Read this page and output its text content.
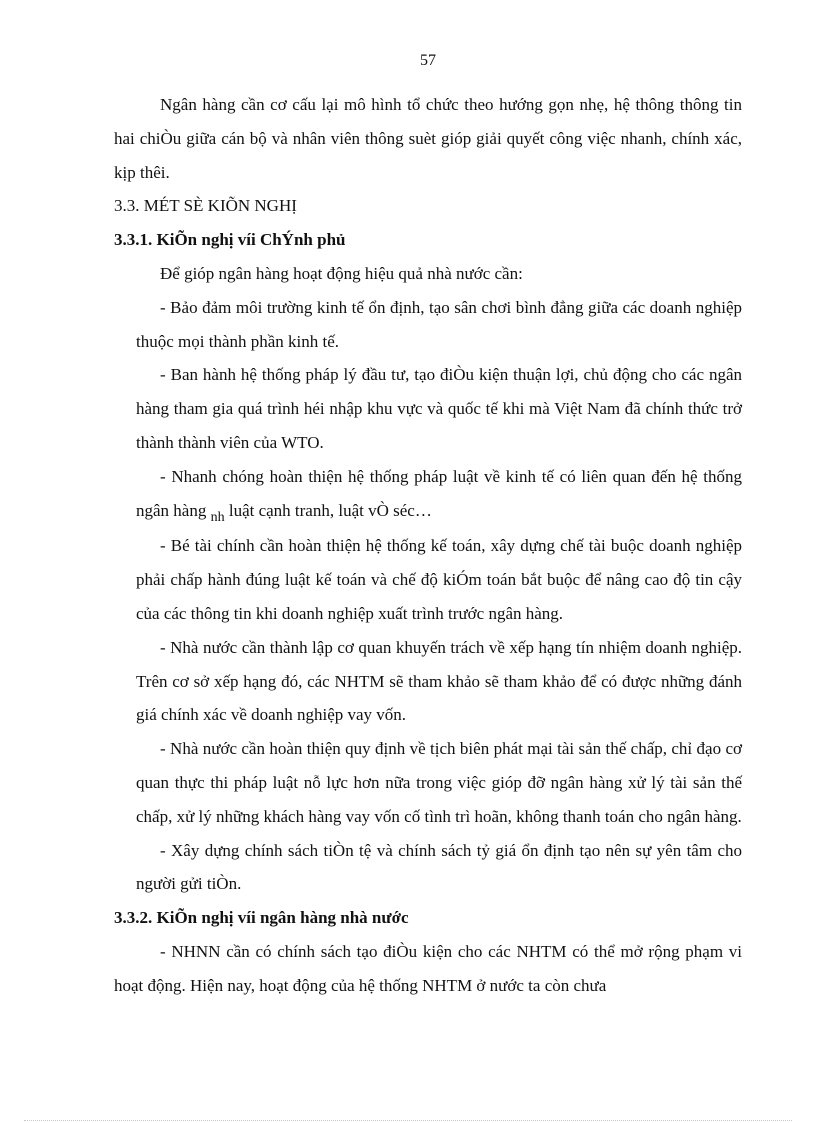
57

Ngân hàng cần cơ cấu lại mô hình tổ chức theo hướng gọn nhẹ, hệ thông thông tin hai chiÒu giữa cán bộ và nhân viên thông suèt gióp giải quyết công việc nhanh, chính xác, kịp thêi.

3.3. MÉT SÈ KIÕN NGHỊ

3.3.1. KiÕn nghị víi ChÝnh phủ

Để gióp ngân hàng hoạt động hiệu quả nhà nước cần:

- Bảo đảm môi trường kinh tế ổn định, tạo sân chơi bình đẳng giữa các doanh nghiệp thuộc mọi thành phần kinh tế.

- Ban hành hệ thống pháp lý đầu tư, tạo điÒu kiện thuận lợi, chủ động cho các ngân hàng tham gia quá trình héi nhập khu vực và quốc tế khi mà Việt Nam đã chính thức trở thành thành viên của WTO.

- Nhanh chóng hoàn thiện hệ thống pháp luật về kinh tế có liên quan đến hệ thống ngân hàng $_{nh}$ luật cạnh tranh, luật vÒ séc…

- Bé tài chính cần hoàn thiện hệ thống kế toán, xây dựng chế tài buộc doanh nghiệp phải chấp hành đúng luật kế toán và chế độ kiÓm toán bắt buộc để nâng cao độ tin cậy của các thông tin khi doanh nghiệp xuất trình trước ngân hàng.

- Nhà nước cần thành lập cơ quan khuyến trách về xếp hạng tín nhiệm doanh nghiệp. Trên cơ sở xếp hạng đó, các NHTM sẽ tham khảo sẽ tham khảo để có được những đánh giá chính xác về doanh nghiệp vay vốn.

- Nhà nước cần hoàn thiện quy định về tịch biên phát mại tài sản thế chấp, chỉ đạo cơ quan thực thi pháp luật nỗ lực hơn nữa trong việc gióp đỡ ngân hàng xử lý tài sản thế chấp, xử lý những khách hàng vay vốn cố tình trì hoãn, không thanh toán cho ngân hàng.

- Xây dựng chính sách tiÒn tệ và chính sách tỷ giá ổn định tạo nên sự yên tâm cho người gửi tiÒn.

3.3.2. KiÕn nghị víi ngân hàng nhà nước

- NHNN cần có chính sách tạo điÒu kiện cho các NHTM có thể mở rộng phạm vi hoạt động. Hiện nay, hoạt động của hệ thống NHTM ở nước ta còn chưa
